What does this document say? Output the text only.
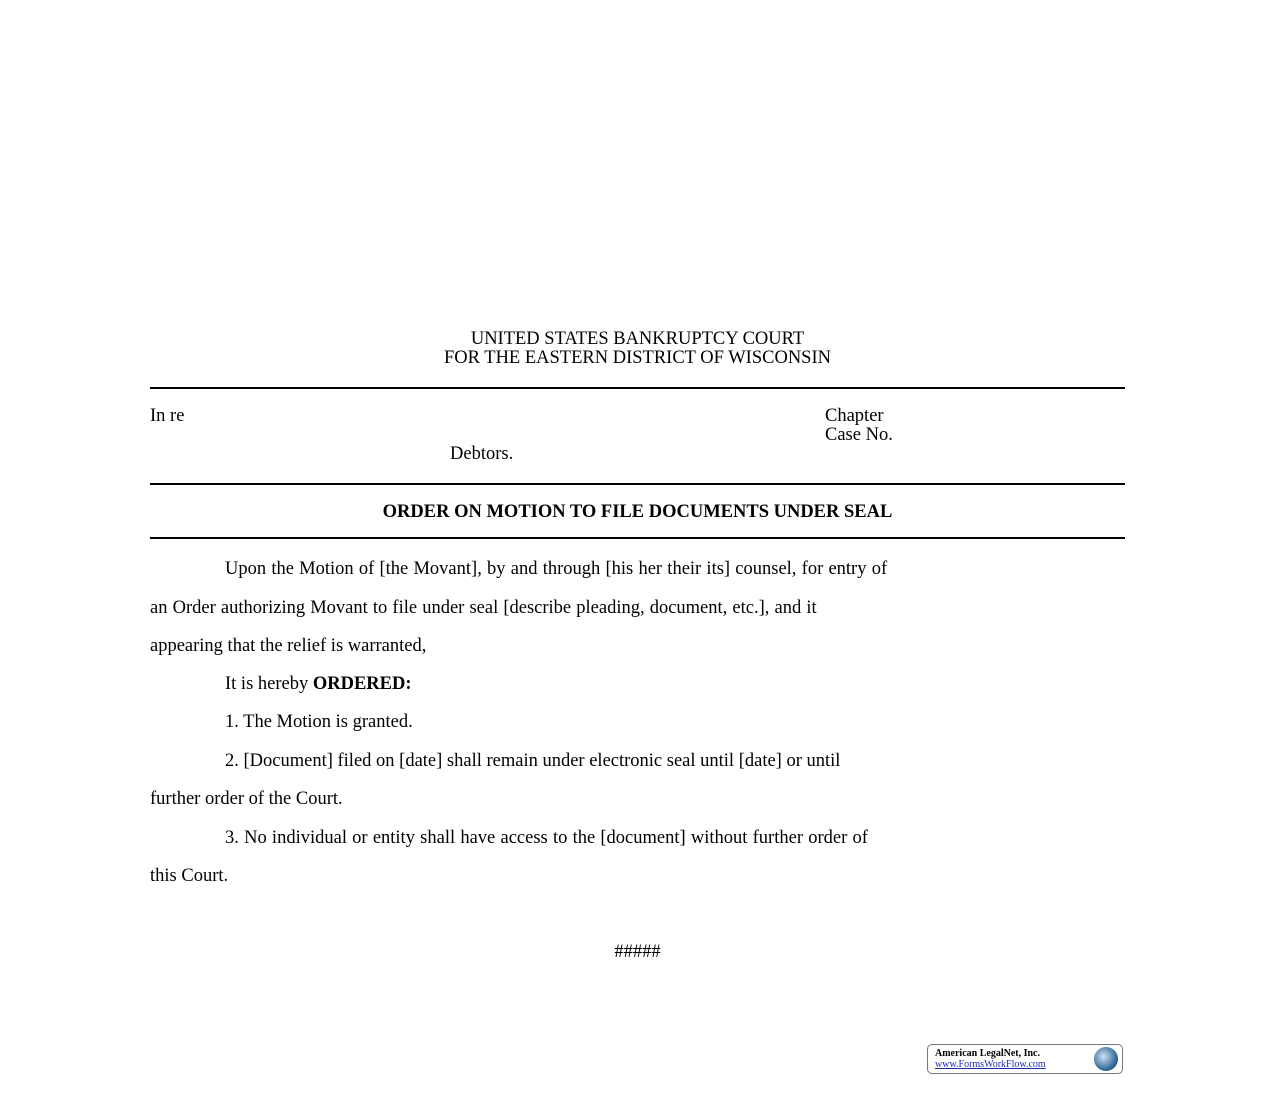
UNITED STATES BANKRUPTCY COURT
FOR THE EASTERN DISTRICT OF WISCONSIN
In re	Chapter
Case No.
Debtors.
ORDER ON MOTION TO FILE DOCUMENTS UNDER SEAL
Upon the Motion of [the Movant], by and through [his her their its] counsel, for entry of
an Order authorizing Movant to file under seal [describe pleading, document, etc.], and it
appearing that the relief is warranted,
It is hereby ORDERED:
1. The Motion is granted.
2. [Document] filed on [date] shall remain under electronic seal until [date] or until
further order of the Court.
3. No individual or entity shall have access to the [document] without further order of
this Court.
#####
American LegalNet, Inc.
www.FormsWorkFlow.com
